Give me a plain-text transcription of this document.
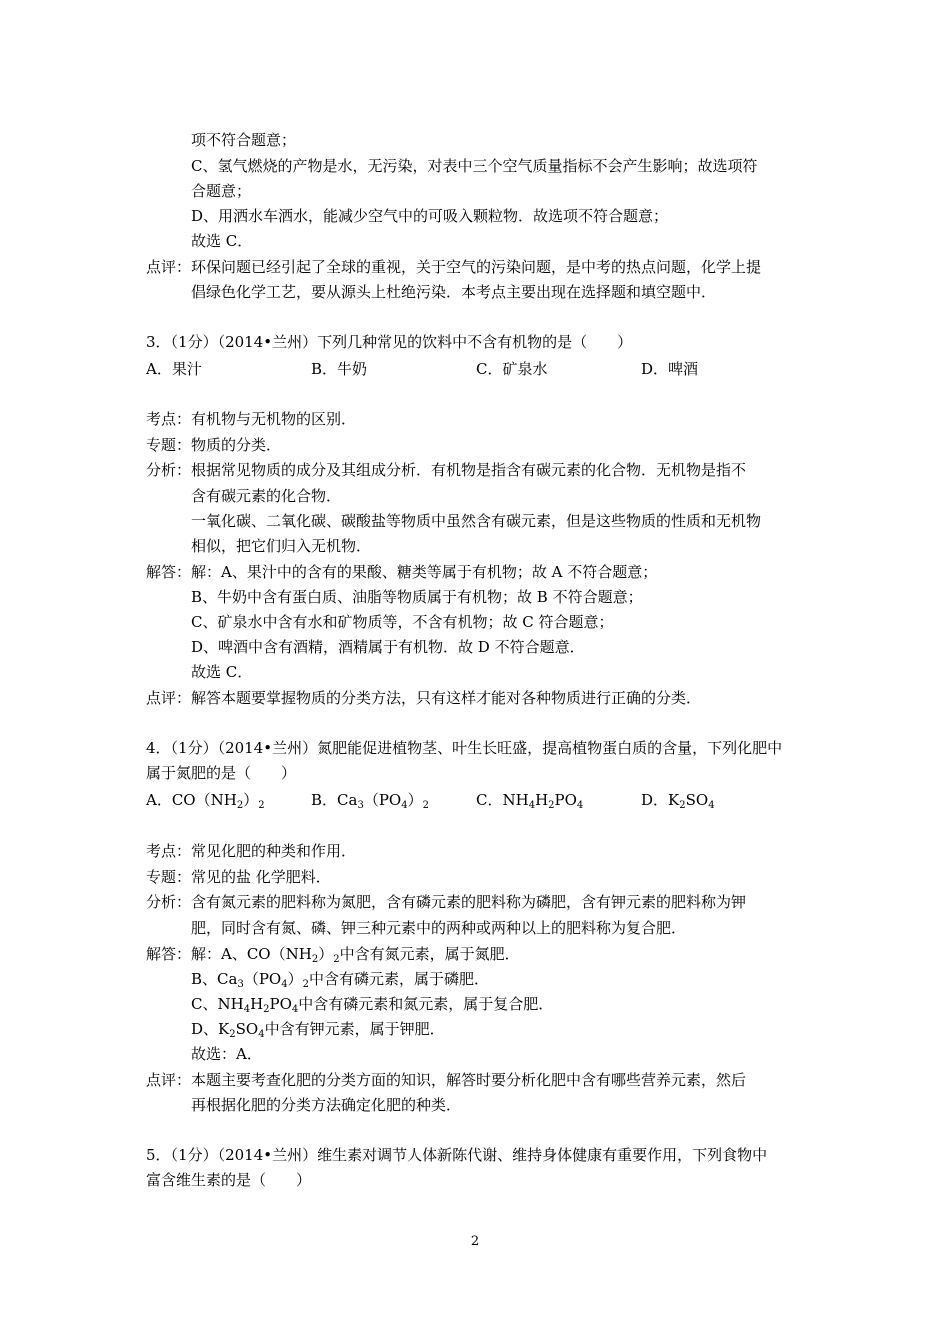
项不符合题意；
C、氢气燃烧的产物是水，无污染，对表中三个空气质量指标不会产生影响；故选项符
合题意；
D、用洒水车洒水，能减少空气中的可吸入颗粒物．故选项不符合题意；
故选 C．
点评： 环保问题已经引起了全球的重视，关于空气的污染问题，是中考的热点问题，化学上提
倡绿色化学工艺，要从源头上杜绝污染．本考点主要出现在选择题和填空题中．
3．（1分）（2014•兰州）下列几种常见的饮料中不含有机物的是（　　）
A．果汁	B．牛奶	C．矿泉水	D．啤酒
考点： 有机物与无机物的区别．
专题： 物质的分类．
分析： 根据常见物质的成分及其组成分析．有机物是指含有碳元素的化合物．无机物是指不
含有碳元素的化合物．
一氧化碳、二氧化碳、碳酸盐等物质中虽然含有碳元素，但是这些物质的性质和无机物
相似，把它们归入无机物．
解答： 解：A、果汁中的含有的果酸、糖类等属于有机物；故 A 不符合题意；
B、牛奶中含有蛋白质、油脂等物质属于有机物；故 B 不符合题意；
C、矿泉水中含有水和矿物质等，不含有机物；故 C 符合题意；
D、啤酒中含有酒精，酒精属于有机物．故 D 不符合题意．
故选 C．
点评： 解答本题要掌握物质的分类方法，只有这样才能对各种物质进行正确的分类．
4．（1分）（2014•兰州）氮肥能促进植物茎、叶生长旺盛，提高植物蛋白质的含量，下列化肥中
属于氮肥的是（　　）
A．$CO(NH_2)_2$	B．$Ca_3(PO_4)_2$	C．$NH_4H_2PO_4$	D．$K_2SO_4$
考点： 常见化肥的种类和作用．
专题： 常见的盐 化学肥料．
分析： 含有氮元素的肥料称为氮肥，含有磷元素的肥料称为磷肥，含有钾元素的肥料称为钾
肥，同时含有氮、磷、钾三种元素中的两种或两种以上的肥料称为复合肥．
解答： 解：A、$CO(NH_2)_2$中含有氮元素，属于氮肥．
B、$Ca_3(PO_4)_2$中含有磷元素，属于磷肥．
C、$NH_4H_2PO_4$中含有磷元素和氮元素，属于复合肥．
D、$K_2SO_4$中含有钾元素，属于钾肥．
故选：A．
点评： 本题主要考查化肥的分类方面的知识，解答时要分析化肥中含有哪些营养元素，然后
再根据化肥的分类方法确定化肥的种类．
5．（1分）（2014•兰州）维生素对调节人体新陈代谢、维持身体健康有重要作用，下列食物中
富含维生素的是（　　）
2
